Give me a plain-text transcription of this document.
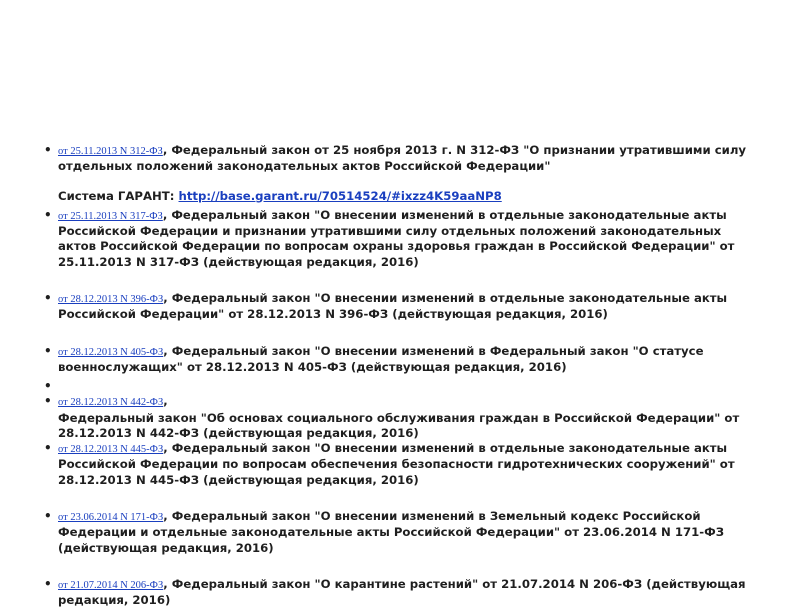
• от 25.11.2013 N 312-ФЗ, Федеральный закон от 25 ноября 2013 г. N 312-ФЗ "О признании утратившими силу отдельных положений законодательных актов Российской Федерации"
Система ГАРАНТ: http://base.garant.ru/70514524/#ixzz4K59aaNP8
• от 25.11.2013 N 317-ФЗ, Федеральный закон "О внесении изменений в отдельные законодательные акты Российской Федерации и признании утратившими силу отдельных положений законодательных актов Российской Федерации по вопросам охраны здоровья граждан в Российской Федерации" от 25.11.2013 N 317-ФЗ (действующая редакция, 2016)
• от 28.12.2013 N 396-ФЗ, Федеральный закон "О внесении изменений в отдельные законодательные акты Российской Федерации" от 28.12.2013 N 396-ФЗ (действующая редакция, 2016)
• от 28.12.2013 N 405-ФЗ, Федеральный закон "О внесении изменений в Федеральный закон "О статусе военнослужащих" от 28.12.2013 N 405-ФЗ (действующая редакция, 2016)
•
• от 28.12.2013 N 442-ФЗ,
Федеральный закон "Об основах социального обслуживания граждан в Российской Федерации" от 28.12.2013 N 442-ФЗ (действующая редакция, 2016)
• от 28.12.2013 N 445-ФЗ, Федеральный закон "О внесении изменений в отдельные законодательные акты Российской Федерации по вопросам обеспечения безопасности гидротехнических сооружений" от 28.12.2013 N 445-ФЗ (действующая редакция, 2016)
• от 23.06.2014 N 171-ФЗ, Федеральный закон "О внесении изменений в Земельный кодекс Российской Федерации и отдельные законодательные акты Российской Федерации" от 23.06.2014 N 171-ФЗ (действующая редакция, 2016)
• от 21.07.2014 N 206-ФЗ, Федеральный закон "О карантине растений" от 21.07.2014 N 206-ФЗ (действующая редакция, 2016)
